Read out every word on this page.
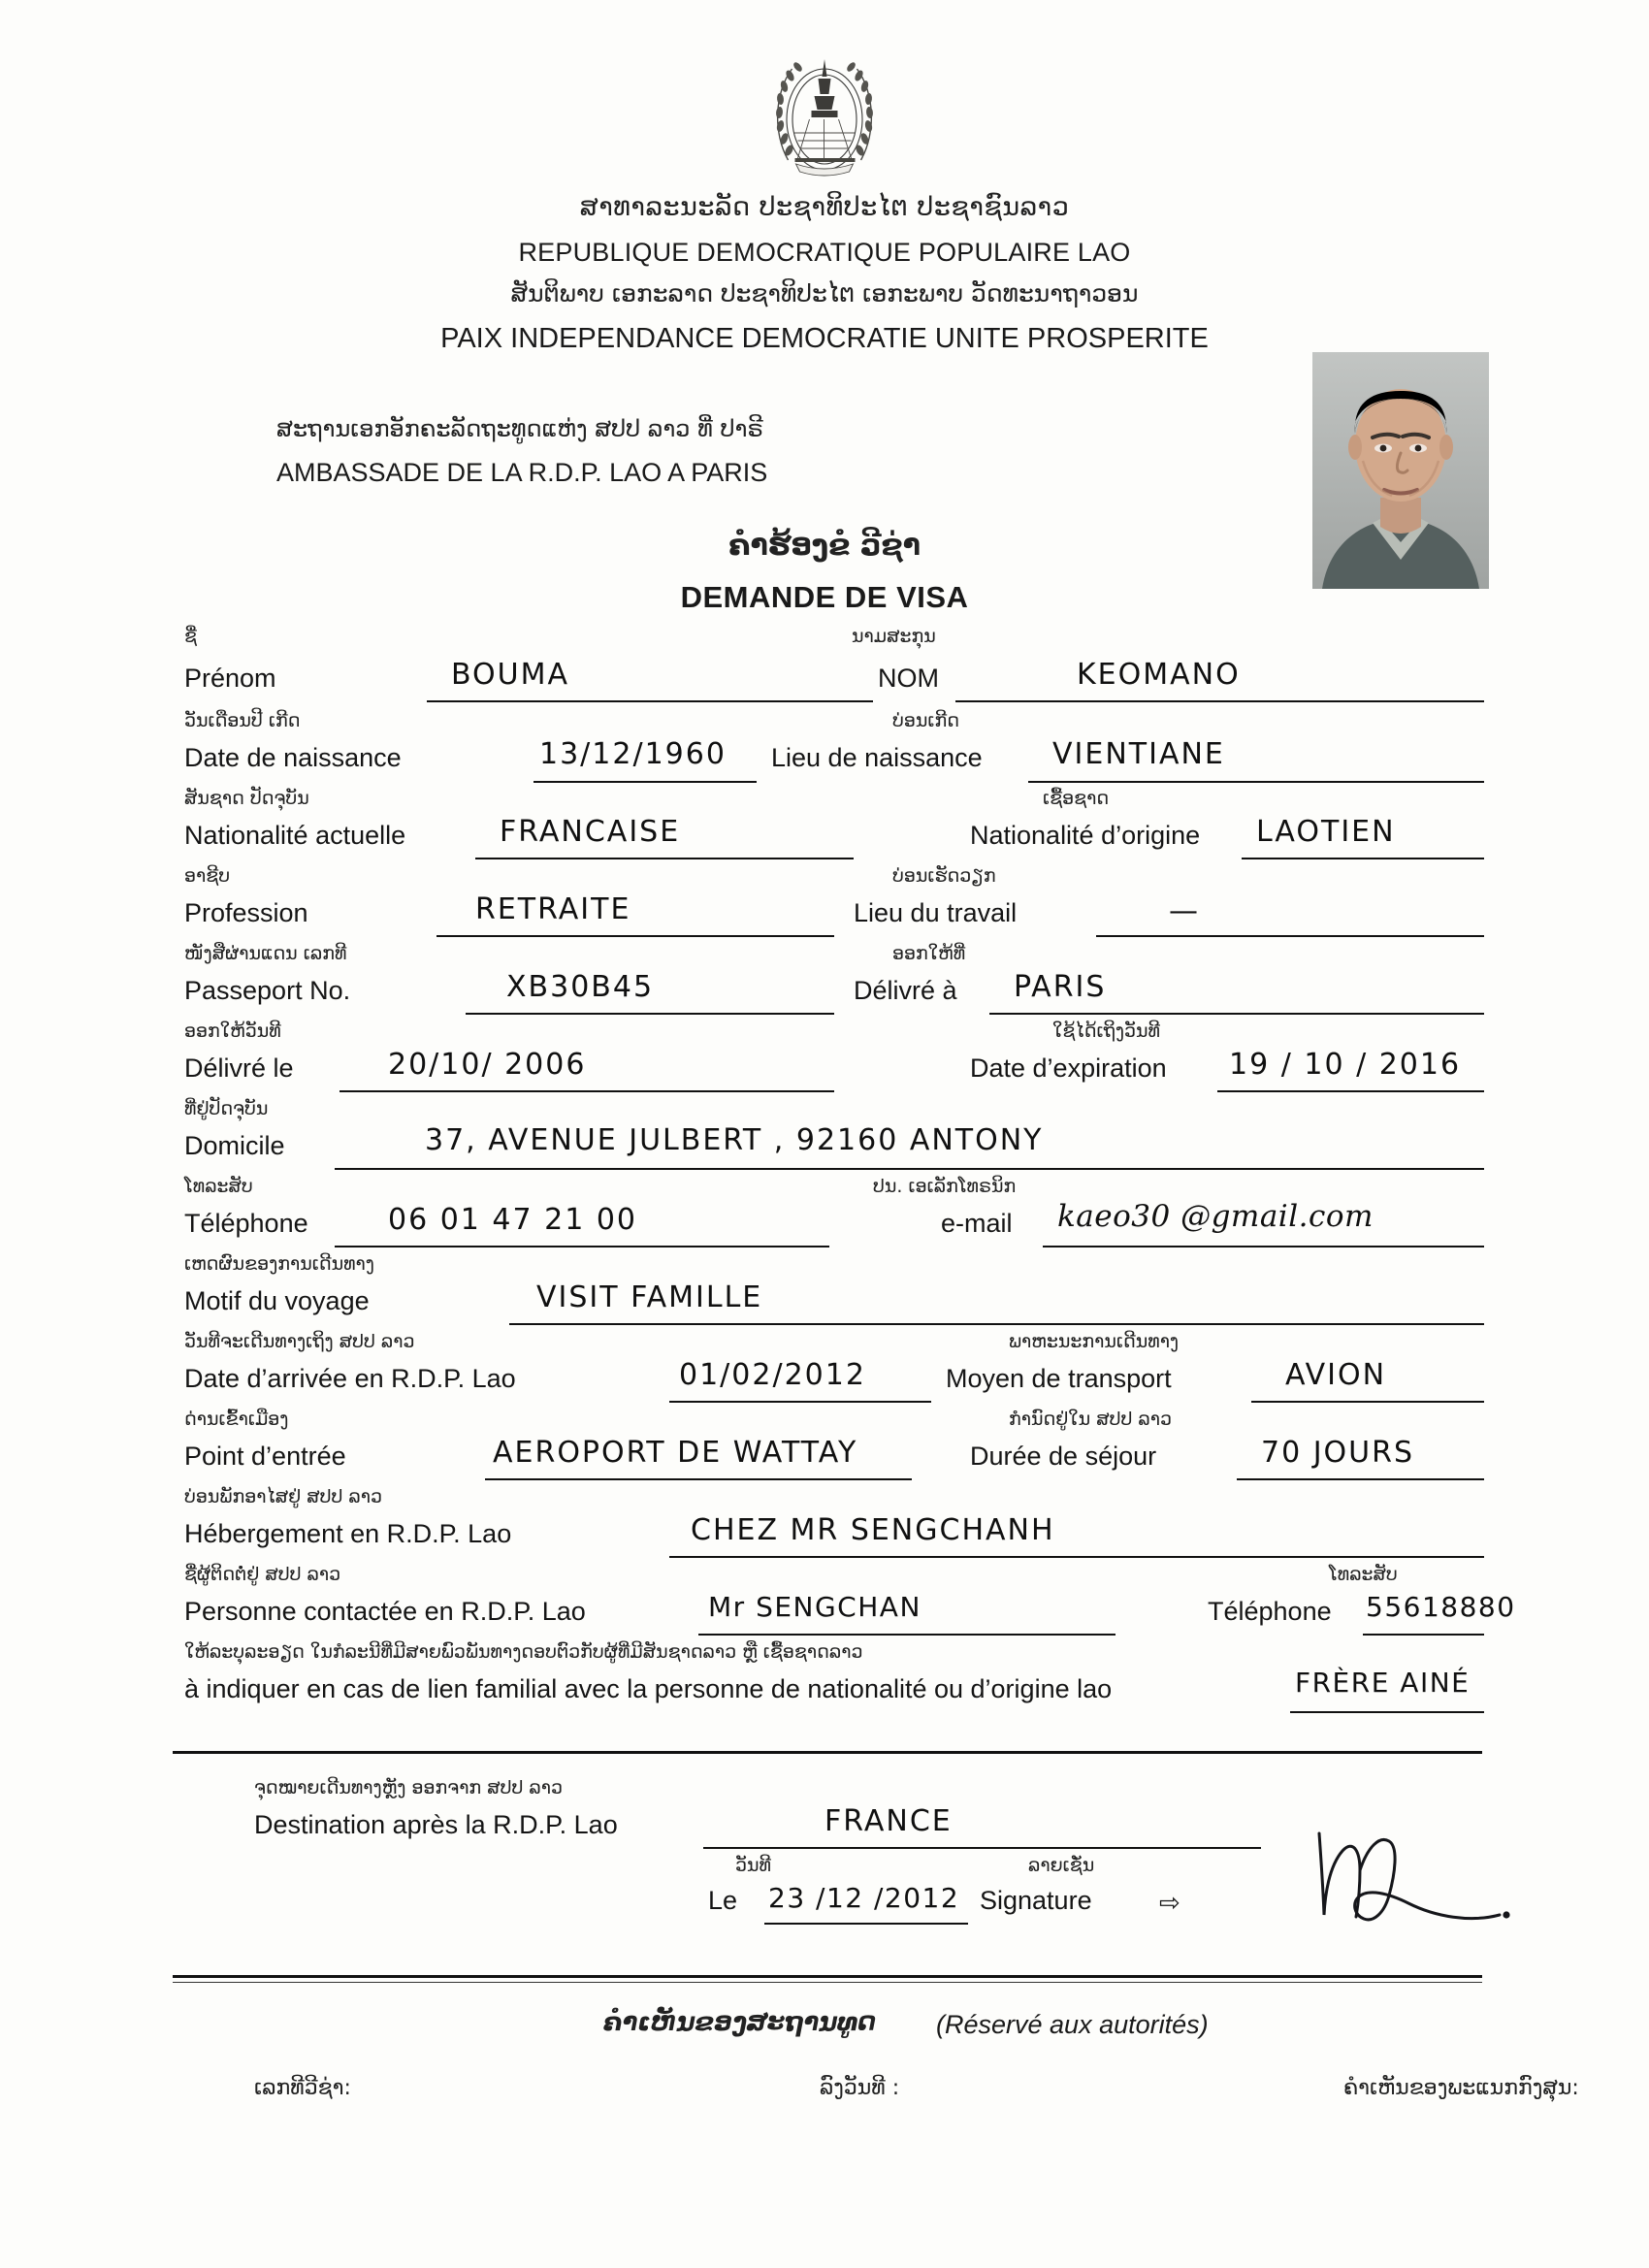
ສາທາລະນະລັດ ປະຊາທິປະໄຕ ປະຊາຊົນລາວ
REPUBLIQUE DEMOCRATIQUE POPULAIRE LAO
ສັນຕິພາບ ເອກະລາດ ປະຊາທິປະໄຕ ເອກະພາບ ວັດທະນາຖາວອນ
PAIX INDEPENDANCE DEMOCRATIE UNITE PROSPERITE
ສະຖານເອກອັກຄະລັດຖະທູດແຫ່ງ ສປປ ລາວ ທີ່ ປາຣີ
AMBASSADE DE LA R.D.P. LAO A PARIS
ຄຳຮ້ອງຂໍ ວີຊ່າ
DEMANDE DE VISA
ຊື່	ນາມສະກຸນ
Prénom	BOUMA	NOM	KEOMANO
ວັນເດືອນປີ ເກີດ	ບ່ອນເກີດ
Date de naissance	13/12/1960 Lieu de naissance VIENTIANE
ສັນຊາດ ປັດຈຸບັນ	ເຊື້ອຊາດ
Nationalité actuelle	FRANCAISE	Nationalité d’origine LAOTIEN
ອາຊີບ	ບ່ອນເຮັດວຽກ
Profession	RETRAITE	Lieu du travail	—
ໜັງສືຜ່ານແດນ ເລກທີ	ອອກໃຫ້ທີ່
Passeport No.	XB30B45	Délivré à PARIS
ອອກໃຫ້ວັນທີ	ໃຊ້ໄດ້ເຖິງວັນທີ
Délivré le	20/10/ 2006	Date d’expiration 19 / 10 / 2016
ທີ່ຢູ່ປັດຈຸບັນ
Domicile	37, AVENUE JULBERT , 92160 ANTONY
ໂທລະສັບ	ປນ. ເອເລັກໂທຣນິກ
Téléphone	06 01 47 21 00	e-mail kaeo30 @gmail.com
ເຫດຜົນຂອງການເດີນທາງ
Motif du voyage	VISIT FAMILLE
ວັນທີຈະເດີນທາງເຖິງ ສປປ ລາວ	ພາຫະນະການເດີນທາງ
Date d’arrivée en R.D.P. Lao	01/02/2012	Moyen de transport	AVION
ດ່ານເຂົ້າເມືອງ	ກຳນົດຢູ່ໃນ ສປປ ລາວ
Point d’entrée	AEROPORT DE WATTAY	Durée de séjour	70 JOURS
ບ່ອນພັກອາໄສຢູ່ ສປປ ລາວ
Hébergement en R.D.P. Lao	CHEZ MR SENGCHANH
ຊື່ຜູ້ຕິດຕໍ່ຢູ່ ສປປ ລາວ	ໂທລະສັບ
Personne contactée en R.D.P. Lao	Mr SENGCHAN	Téléphone 55618880
ໃຫ້ລະບຸລະອຽດ ໃນກໍລະນີທີ່ມີສາຍພົວພັນທາງດອບຕົວກັບຜູ້ທີ່ມີສັນຊາດລາວ ຫຼື ເຊື້ອຊາດລາວ
à indiquer en cas de lien familial avec la personne de nationalité ou d’origine lao	FRÈRE AINÉ
ຈຸດໝາຍເດີນທາງຫຼັງ ອອກຈາກ ສປປ ລາວ
Destination après la R.D.P. Lao	FRANCE
ວັນທີ	ລາຍເຊັ່ນ
Le 23 /12 /2012 Signature	⇨
ຄຳເຫັນຂອງສະຖານທູດ (Réservé aux autorités)
ເລກທີວີຊ່າ:	ລົງວັນທີ :	ຄຳເຫັນຂອງພະແນກກົງສຸນ:
